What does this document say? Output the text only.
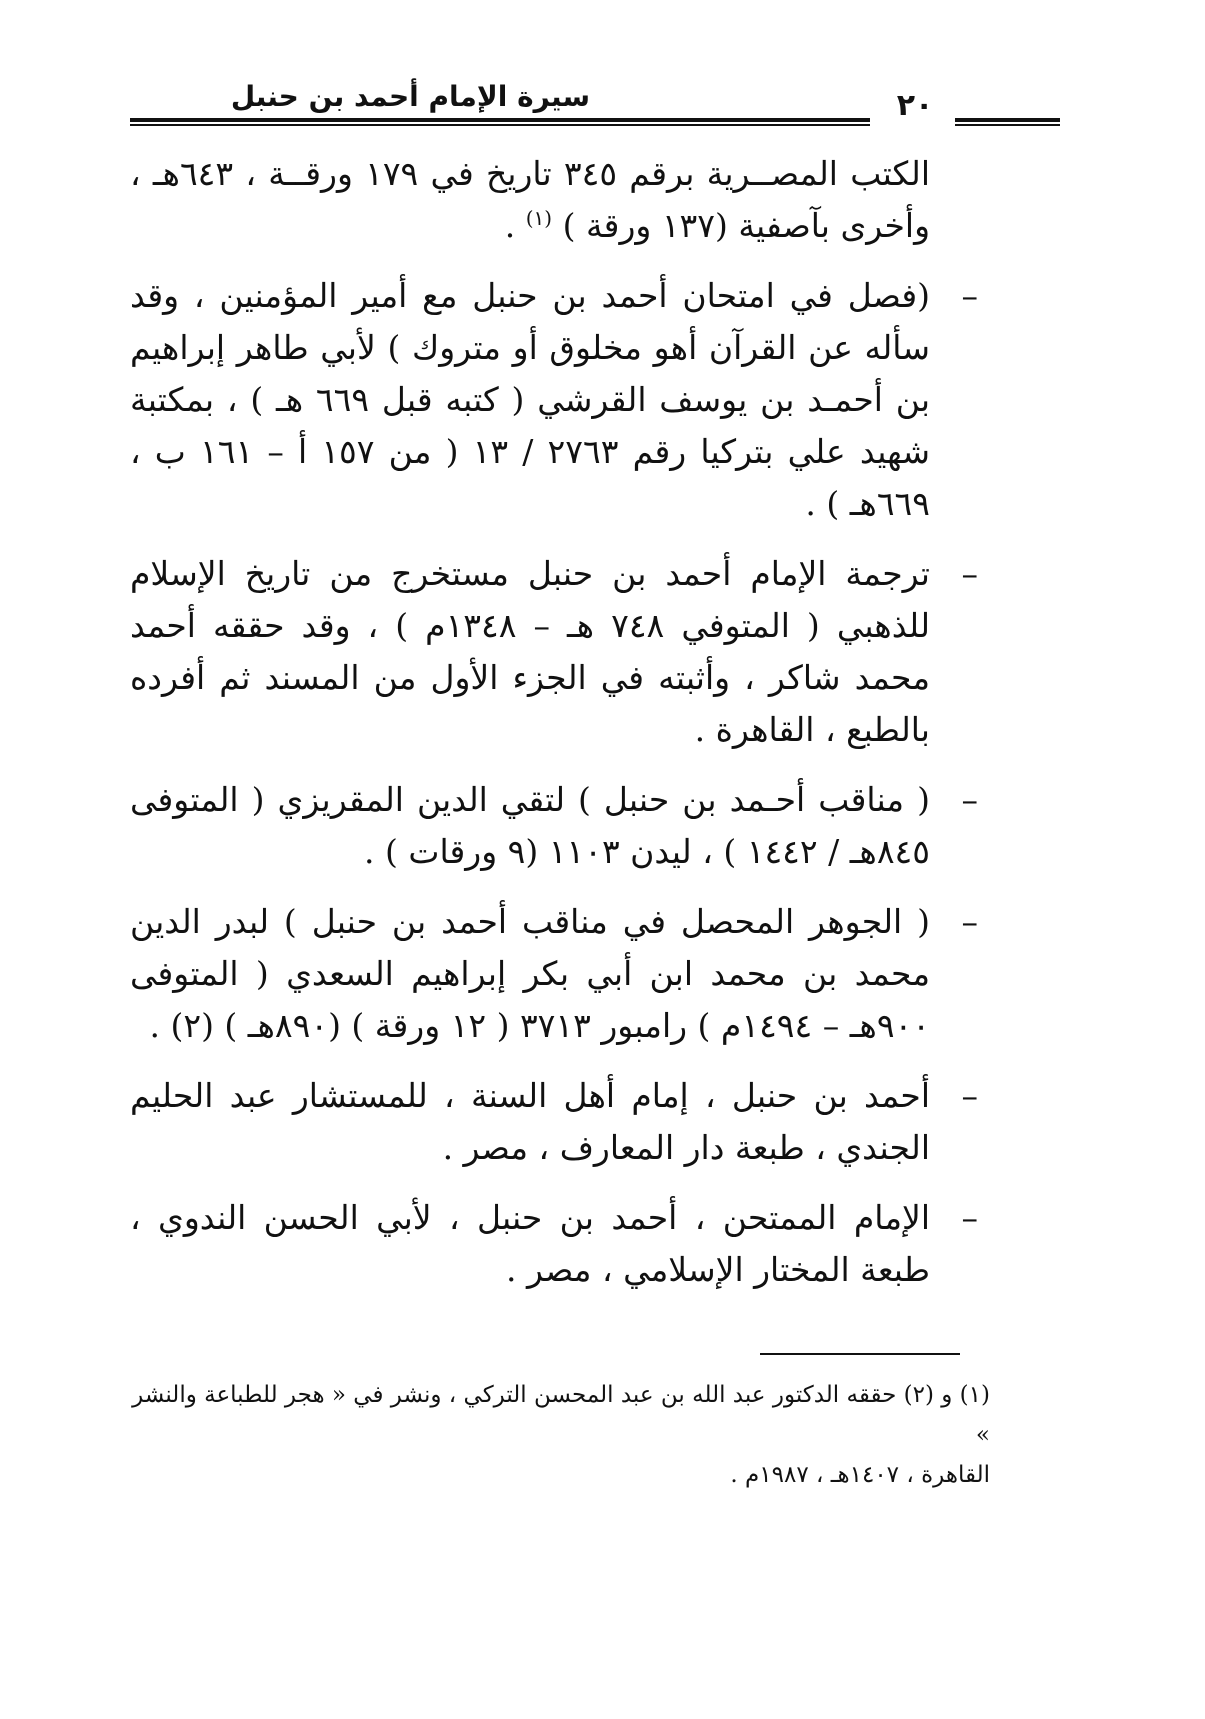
سيرة الإمام أحمد بن حنبل	٢٠

الكتب المصــرية برقم ٣٤٥ تاريخ في ١٧٩ ورقــة ، ٦٤٣هـ ، وأخرى بآصفية (١٣٧ ورقة ) $^{(١)}$ .

–
(فصل في امتحان أحمد بن حنبل مع أمير المؤمنين ، وقد سأله عن القرآن أهو مخلوق أو متروك ) لأبي طاهر إبراهيم بن أحمـد بن يوسف القرشي ( كتبه قبل ٦٦٩ هـ ) ، بمكتبة شهيد علي بتركيا رقم ٢٧٦٣ / ١٣ ( من ١٥٧ أ – ١٦١ ب ، ٦٦٩هـ ) .
–
ترجمة الإمام أحمد بن حنبل مستخرج من تاريخ الإسلام للذهبي ( المتوفي ٧٤٨ هـ – ١٣٤٨م ) ، وقد حققه أحمد محمد شاكر ، وأثبته في الجزء الأول من المسند ثم أفرده بالطبع ، القاهرة .
–
( مناقب أحـمد بن حنبل ) لتقي الدين المقريزي ( المتوفى ٨٤٥هـ / ١٤٤٢ ) ، ليدن ١١٠٣ (٩ ورقات ) .
–
( الجوهر المحصل في مناقب أحمد بن حنبل ) لبدر الدين محمد بن محمد ابن أبي بكر إبراهيم السعدي ( المتوفى ٩٠٠هـ – ١٤٩٤م ) رامبور ٣٧١٣ ( ١٢ ورقة ) (٨٩٠هـ ) (٢) .
–
أحمد بن حنبل ، إمام أهل السنة ، للمستشار عبد الحليم الجندي ، طبعة دار المعارف ، مصر .
–
الإمام الممتحن ، أحمد بن حنبل ، لأبي الحسن الندوي ، طبعة المختار الإسلامي ، مصر .

(١) و (٢) حققه الدكتور عبد الله بن عبد المحسن التركي ، ونشر في « هجر للطباعة والنشر »

القاهرة ، ١٤٠٧هـ ، ١٩٨٧م .
